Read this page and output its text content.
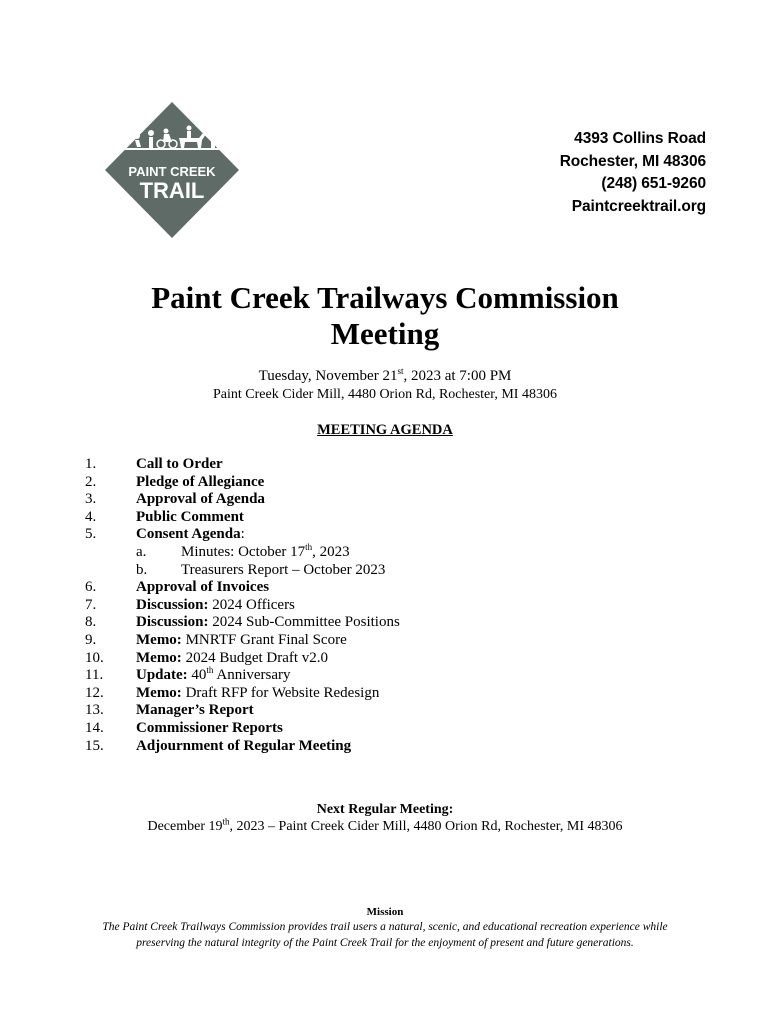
PAINT CREEK
TRAIL
4393 Collins Road
Rochester, MI 48306
(248) 651-9260
Paintcreektrail.org
Paint Creek Trailways Commission
Meeting
Tuesday, November 21st, 2023 at 7:00 PM
Paint Creek Cider Mill, 4480 Orion Rd, Rochester, MI 48306
MEETING AGENDA
1.	Call to Order
2.	Pledge of Allegiance
3.	Approval of Agenda
4.	Public Comment
5.	Consent Agenda:
a.	Minutes: October 17th, 2023
b.	Treasurers Report – October 2023
6.	Approval of Invoices
7.	Discussion: 2024 Officers
8.	Discussion: 2024 Sub-Committee Positions
9.	Memo: MNRTF Grant Final Score
10.	Memo: 2024 Budget Draft v2.0
11.	Update: 40th Anniversary
12.	Memo: Draft RFP for Website Redesign
13.	Manager’s Report
14.	Commissioner Reports
15.	Adjournment of Regular Meeting
Next Regular Meeting:
December 19th, 2023 – Paint Creek Cider Mill, 4480 Orion Rd, Rochester, MI 48306
Mission
The Paint Creek Trailways Commission provides trail users a natural, scenic, and educational recreation experience while preserving the natural integrity of the Paint Creek Trail for the enjoyment of present and future generations.
